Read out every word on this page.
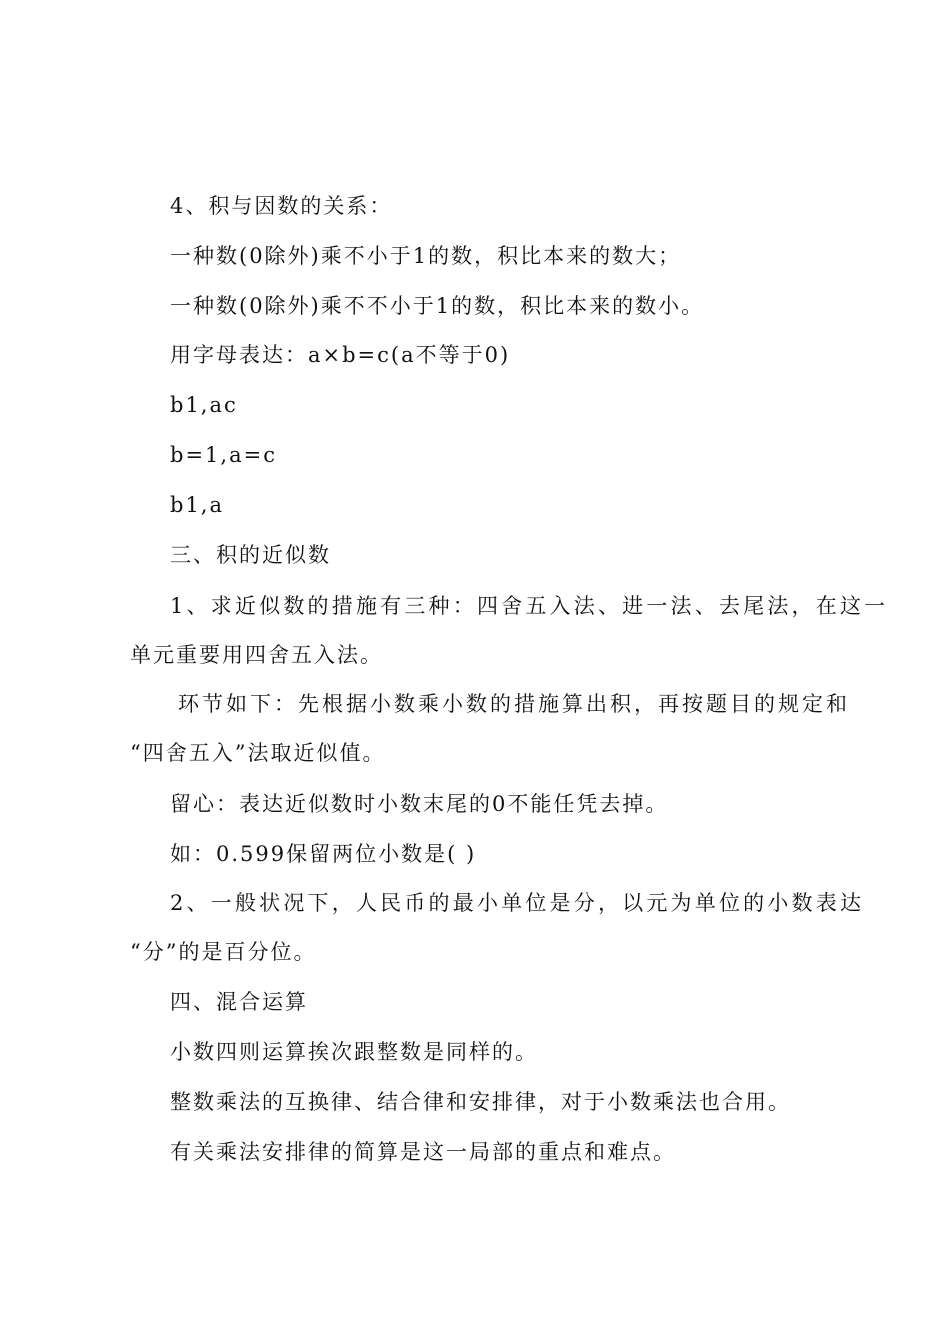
4、积与因数的关系：

一种数(0除外)乘不小于1的数，积比本来的数大；

一种数(0除外)乘不不小于1的数，积比本来的数小。

用字母表达：a×b=c(a不等于0)

b1,ac

b=1,a=c

b1,a

三、积的近似数

1、求近似数的措施有三种：四舍五入法、进一法、去尾法，在这一

单元重要用四舍五入法。

环节如下：先根据小数乘小数的措施算出积，再按题目的规定和

“四舍五入”法取近似值。

留心：表达近似数时小数末尾的0不能任凭去掉。

如：0.599保留两位小数是( )

2、一般状况下，人民币的最小单位是分，以元为单位的小数表达

“分”的是百分位。

四、混合运算

小数四则运算挨次跟整数是同样的。

整数乘法的互换律、结合律和安排律，对于小数乘法也合用。

有关乘法安排律的简算是这一局部的重点和难点。
